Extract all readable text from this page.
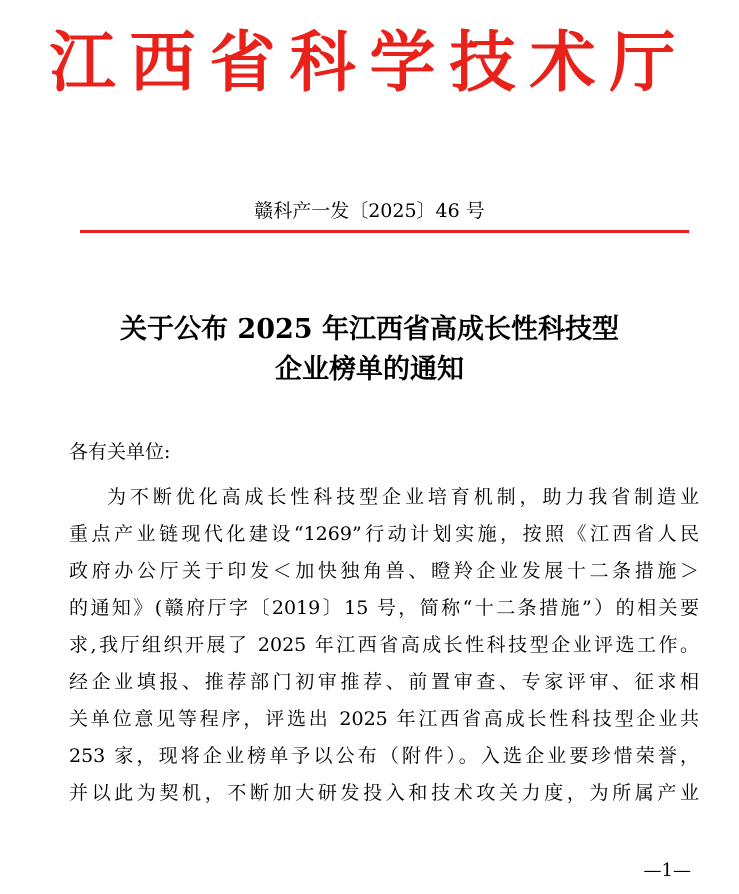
江西省科学技术厅
赣科产一发〔2025〕46 号
关于公布 2025 年江西省高成长性科技型
企业榜单的通知
各有关单位:
为不断优化高成长性科技型企业培育机制，助力我省制造业
重点产业链现代化建设“1269”行动计划实施，按照《江西省人民
政府办公厅关于印发＜加快独角兽、瞪羚企业发展十二条措施＞
的通知》(赣府厅字〔2019〕15 号，简称“十二条措施”）的相关要
求,我厅组织开展了 2025 年江西省高成长性科技型企业评选工作。
经企业填报、推荐部门初审推荐、前置审查、专家评审、征求相
关单位意见等程序，评选出 2025 年江西省高成长性科技型企业共
253 家，现将企业榜单予以公布（附件）。入选企业要珍惜荣誉，
并以此为契机，不断加大研发投入和技术攻关力度，为所属产业
—1—
